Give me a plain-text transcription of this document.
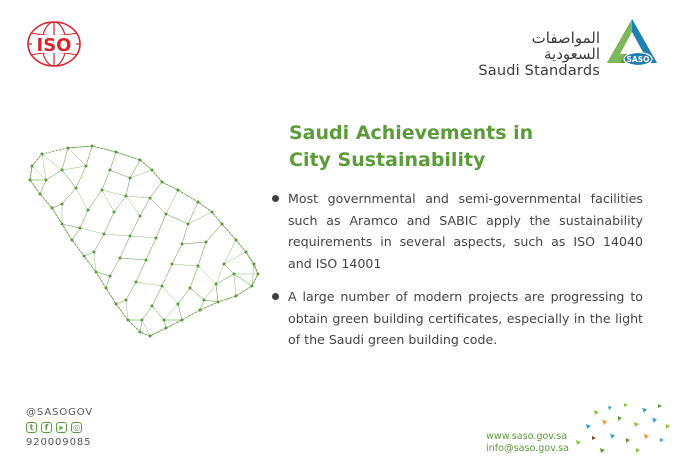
ISO	المواصفات السعودية
Saudi Standards
SASO
Saudi Achievements in
City Sustainability
Most governmental and semi-governmental facilities such as Aramco and SABIC apply the sustainability requirements in several aspects, such as ISO 14040 and ISO 14001
A large number of modern projects are progressing to obtain green building certificates, especially in the light of the Saudi green building code.
@SASOGOV
t	f	▸	◎
920009085
www.saso.gov.sa
info@saso.gov.sa
